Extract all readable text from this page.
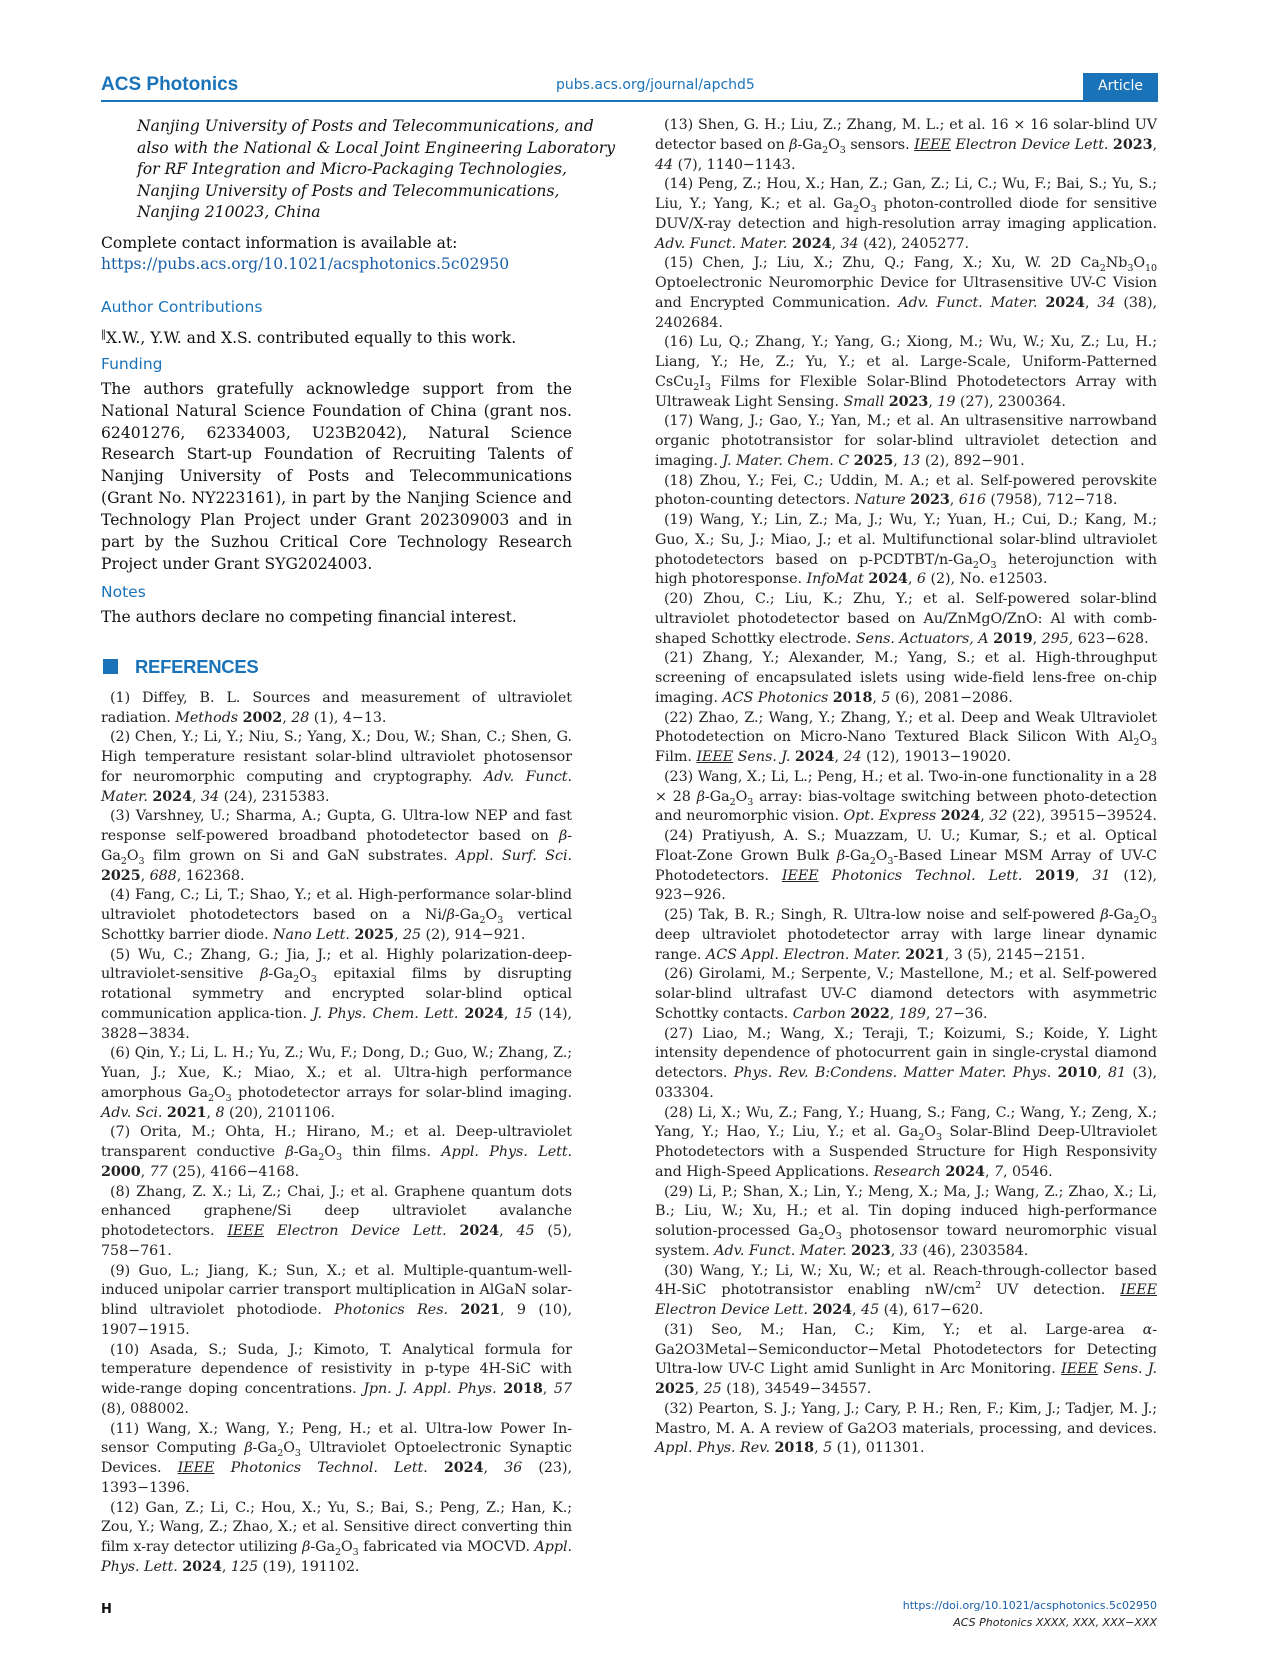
ACS Photonics	pubs.acs.org/journal/apchd5	Article
Nanjing University of Posts and Telecommunications, and
also with the National & Local Joint Engineering Laboratory
for RF Integration and Micro-Packaging Technologies,
Nanjing University of Posts and Telecommunications,
Nanjing 210023, China
Complete contact information is available at:
https://pubs.acs.org/10.1021/acsphotonics.5c02950
Author Contributions
‖X.W., Y.W. and X.S. contributed equally to this work.
Funding
The authors gratefully acknowledge support from the National Natural Science Foundation of China (grant nos. 62401276, 62334003, U23B2042), Natural Science Research Start-up Foundation of Recruiting Talents of Nanjing University of Posts and Telecommunications (Grant No. NY223161), in part by the Nanjing Science and Technology Plan Project under Grant 202309003 and in part by the Suzhou Critical Core Technology Research Project under Grant SYG2024003.
Notes
The authors declare no competing financial interest.
REFERENCES
(1) Diffey, B. L. Sources and measurement of ultraviolet radiation. Methods 2002, 28 (1), 4−13.
(2) Chen, Y.; Li, Y.; Niu, S.; Yang, X.; Dou, W.; Shan, C.; Shen, G. High temperature resistant solar-blind ultraviolet photosensor for neuromorphic computing and cryptography. Adv. Funct. Mater. 2024, 34 (24), 2315383.
(3) Varshney, U.; Sharma, A.; Gupta, G. Ultra-low NEP and fast response self-powered broadband photodetector based on $\beta-Ga_2O_3$ film grown on Si and GaN substrates. Appl. Surf. Sci. 2025, 688, 162368.
(4) Fang, C.; Li, T.; Shao, Y.; et al. High-performance solar-blind ultraviolet photodetectors based on a $Ni/\beta-Ga_2O_3$ vertical Schottky barrier diode. Nano Lett. 2025, 25 (2), 914−921.
(5) Wu, C.; Zhang, G.; Jia, J.; et al. Highly polarization-deep-ultraviolet-sensitive $\beta-Ga_2O_3$ epitaxial films by disrupting rotational symmetry and encrypted solar-blind optical communication applica-tion. J. Phys. Chem. Lett. 2024, 15 (14), 3828−3834.
(6) Qin, Y.; Li, L. H.; Yu, Z.; Wu, F.; Dong, D.; Guo, W.; Zhang, Z.; Yuan, J.; Xue, K.; Miao, X.; et al. Ultra-high performance amorphous $Ga_2O_3$ photodetector arrays for solar-blind imaging. Adv. Sci. 2021, 8 (20), 2101106.
(7) Orita, M.; Ohta, H.; Hirano, M.; et al. Deep-ultraviolet transparent conductive $\beta-Ga_2O_3$ thin films. Appl. Phys. Lett. 2000, 77 (25), 4166−4168.
(8) Zhang, Z. X.; Li, Z.; Chai, J.; et al. Graphene quantum dots enhanced graphene/Si deep ultraviolet avalanche photodetectors. IEEE Electron Device Lett. 2024, 45 (5), 758−761.
(9) Guo, L.; Jiang, K.; Sun, X.; et al. Multiple-quantum-well-induced unipolar carrier transport multiplication in AlGaN solar-blind ultraviolet photodiode. Photonics Res. 2021, 9 (10), 1907−1915.
(10) Asada, S.; Suda, J.; Kimoto, T. Analytical formula for temperature dependence of resistivity in p-type 4H-SiC with wide-range doping concentrations. Jpn. J. Appl. Phys. 2018, 57 (8), 088002.
(11) Wang, X.; Wang, Y.; Peng, H.; et al. Ultra-low Power In-sensor Computing $\beta-Ga_2O_3$ Ultraviolet Optoelectronic Synaptic Devices. IEEE Photonics Technol. Lett. 2024, 36 (23), 1393−1396.
(12) Gan, Z.; Li, C.; Hou, X.; Yu, S.; Bai, S.; Peng, Z.; Han, K.; Zou, Y.; Wang, Z.; Zhao, X.; et al. Sensitive direct converting thin film x-ray detector utilizing $\beta-Ga_2O_3$ fabricated via MOCVD. Appl. Phys. Lett. 2024, 125 (19), 191102.
(13) Shen, G. H.; Liu, Z.; Zhang, M. L.; et al. 16 × 16 solar-blind UV detector based on $\beta-Ga_2O_3$ sensors. IEEE Electron Device Lett. 2023, 44 (7), 1140−1143.
(14) Peng, Z.; Hou, X.; Han, Z.; Gan, Z.; Li, C.; Wu, F.; Bai, S.; Yu, S.; Liu, Y.; Yang, K.; et al. $Ga_2O_3$ photon-controlled diode for sensitive DUV/X-ray detection and high-resolution array imaging application. Adv. Funct. Mater. 2024, 34 (42), 2405277.
(15) Chen, J.; Liu, X.; Zhu, Q.; Fang, X.; Xu, W. 2D $Ca_2Nb_3O_{10}$ Optoelectronic Neuromorphic Device for Ultrasensitive UV-C Vision and Encrypted Communication. Adv. Funct. Mater. 2024, 34 (38), 2402684.
(16) Lu, Q.; Zhang, Y.; Yang, G.; Xiong, M.; Wu, W.; Xu, Z.; Lu, H.; Liang, Y.; He, Z.; Yu, Y.; et al. Large-Scale, Uniform-Patterned $CsCu_2I_3$ Films for Flexible Solar-Blind Photodetectors Array with Ultraweak Light Sensing. Small 2023, 19 (27), 2300364.
(17) Wang, J.; Gao, Y.; Yan, M.; et al. An ultrasensitive narrowband organic phototransistor for solar-blind ultraviolet detection and imaging. J. Mater. Chem. C 2025, 13 (2), 892−901.
(18) Zhou, Y.; Fei, C.; Uddin, M. A.; et al. Self-powered perovskite photon-counting detectors. Nature 2023, 616 (7958), 712−718.
(19) Wang, Y.; Lin, Z.; Ma, J.; Wu, Y.; Yuan, H.; Cui, D.; Kang, M.; Guo, X.; Su, J.; Miao, J.; et al. Multifunctional solar-blind ultraviolet photodetectors based on $p-PCDTBT/n-Ga_2O_3$ heterojunction with high photoresponse. InfoMat 2024, 6 (2), No. e12503.
(20) Zhou, C.; Liu, K.; Zhu, Y.; et al. Self-powered solar-blind ultraviolet photodetector based on Au/ZnMgO/ZnO: Al with comb-shaped Schottky electrode. Sens. Actuators, A 2019, 295, 623−628.
(21) Zhang, Y.; Alexander, M.; Yang, S.; et al. High-throughput screening of encapsulated islets using wide-field lens-free on-chip imaging. ACS Photonics 2018, 5 (6), 2081−2086.
(22) Zhao, Z.; Wang, Y.; Zhang, Y.; et al. Deep and Weak Ultraviolet Photodetection on Micro-Nano Textured Black Silicon With $Al_2O_3$ Film. IEEE Sens. J. 2024, 24 (12), 19013−19020.
(23) Wang, X.; Li, L.; Peng, H.; et al. Two-in-one functionality in a 28 × 28 $\beta-Ga_2O_3$ array: bias-voltage switching between photo-detection and neuromorphic vision. Opt. Express 2024, 32 (22), 39515−39524.
(24) Pratiyush, A. S.; Muazzam, U. U.; Kumar, S.; et al. Optical Float-Zone Grown Bulk $\beta-Ga_2O_3$-Based Linear MSM Array of UV-C Photodetectors. IEEE Photonics Technol. Lett. 2019, 31 (12), 923−926.
(25) Tak, B. R.; Singh, R. Ultra-low noise and self-powered $\beta-Ga_2O_3$ deep ultraviolet photodetector array with large linear dynamic range. ACS Appl. Electron. Mater. 2021, 3 (5), 2145−2151.
(26) Girolami, M.; Serpente, V.; Mastellone, M.; et al. Self-powered solar-blind ultrafast UV-C diamond detectors with asymmetric Schottky contacts. Carbon 2022, 189, 27−36.
(27) Liao, M.; Wang, X.; Teraji, T.; Koizumi, S.; Koide, Y. Light intensity dependence of photocurrent gain in single-crystal diamond detectors. Phys. Rev. B:Condens. Matter Mater. Phys. 2010, 81 (3), 033304.
(28) Li, X.; Wu, Z.; Fang, Y.; Huang, S.; Fang, C.; Wang, Y.; Zeng, X.; Yang, Y.; Hao, Y.; Liu, Y.; et al. $Ga_2O_3$ Solar-Blind Deep-Ultraviolet Photodetectors with a Suspended Structure for High Responsivity and High-Speed Applications. Research 2024, 7, 0546.
(29) Li, P.; Shan, X.; Lin, Y.; Meng, X.; Ma, J.; Wang, Z.; Zhao, X.; Li, B.; Liu, W.; Xu, H.; et al. Tin doping induced high-performance solution-processed $Ga_2O_3$ photosensor toward neuromorphic visual system. Adv. Funct. Mater. 2023, 33 (46), 2303584.
(30) Wang, Y.; Li, W.; Xu, W.; et al. Reach-through-collector based 4H-SiC phototransistor enabling $nW/cm^2$ UV detection. IEEE Electron Device Lett. 2024, 45 (4), 617−620.
(31) Seo, M.; Han, C.; Kim, Y.; et al. Large-area α-Ga2O3Metal−Semiconductor−Metal Photodetectors for Detecting Ultra-low UV-C Light amid Sunlight in Arc Monitoring. IEEE Sens. J. 2025, 25 (18), 34549−34557.
(32) Pearton, S. J.; Yang, J.; Cary, P. H.; Ren, F.; Kim, J.; Tadjer, M. J.; Mastro, M. A. A review of Ga2O3 materials, processing, and devices. Appl. Phys. Rev. 2018, 5 (1), 011301.
H	https://doi.org/10.1021/acsphotonics.5c02950
ACS Photonics XXXX, XXX, XXX−XXX
